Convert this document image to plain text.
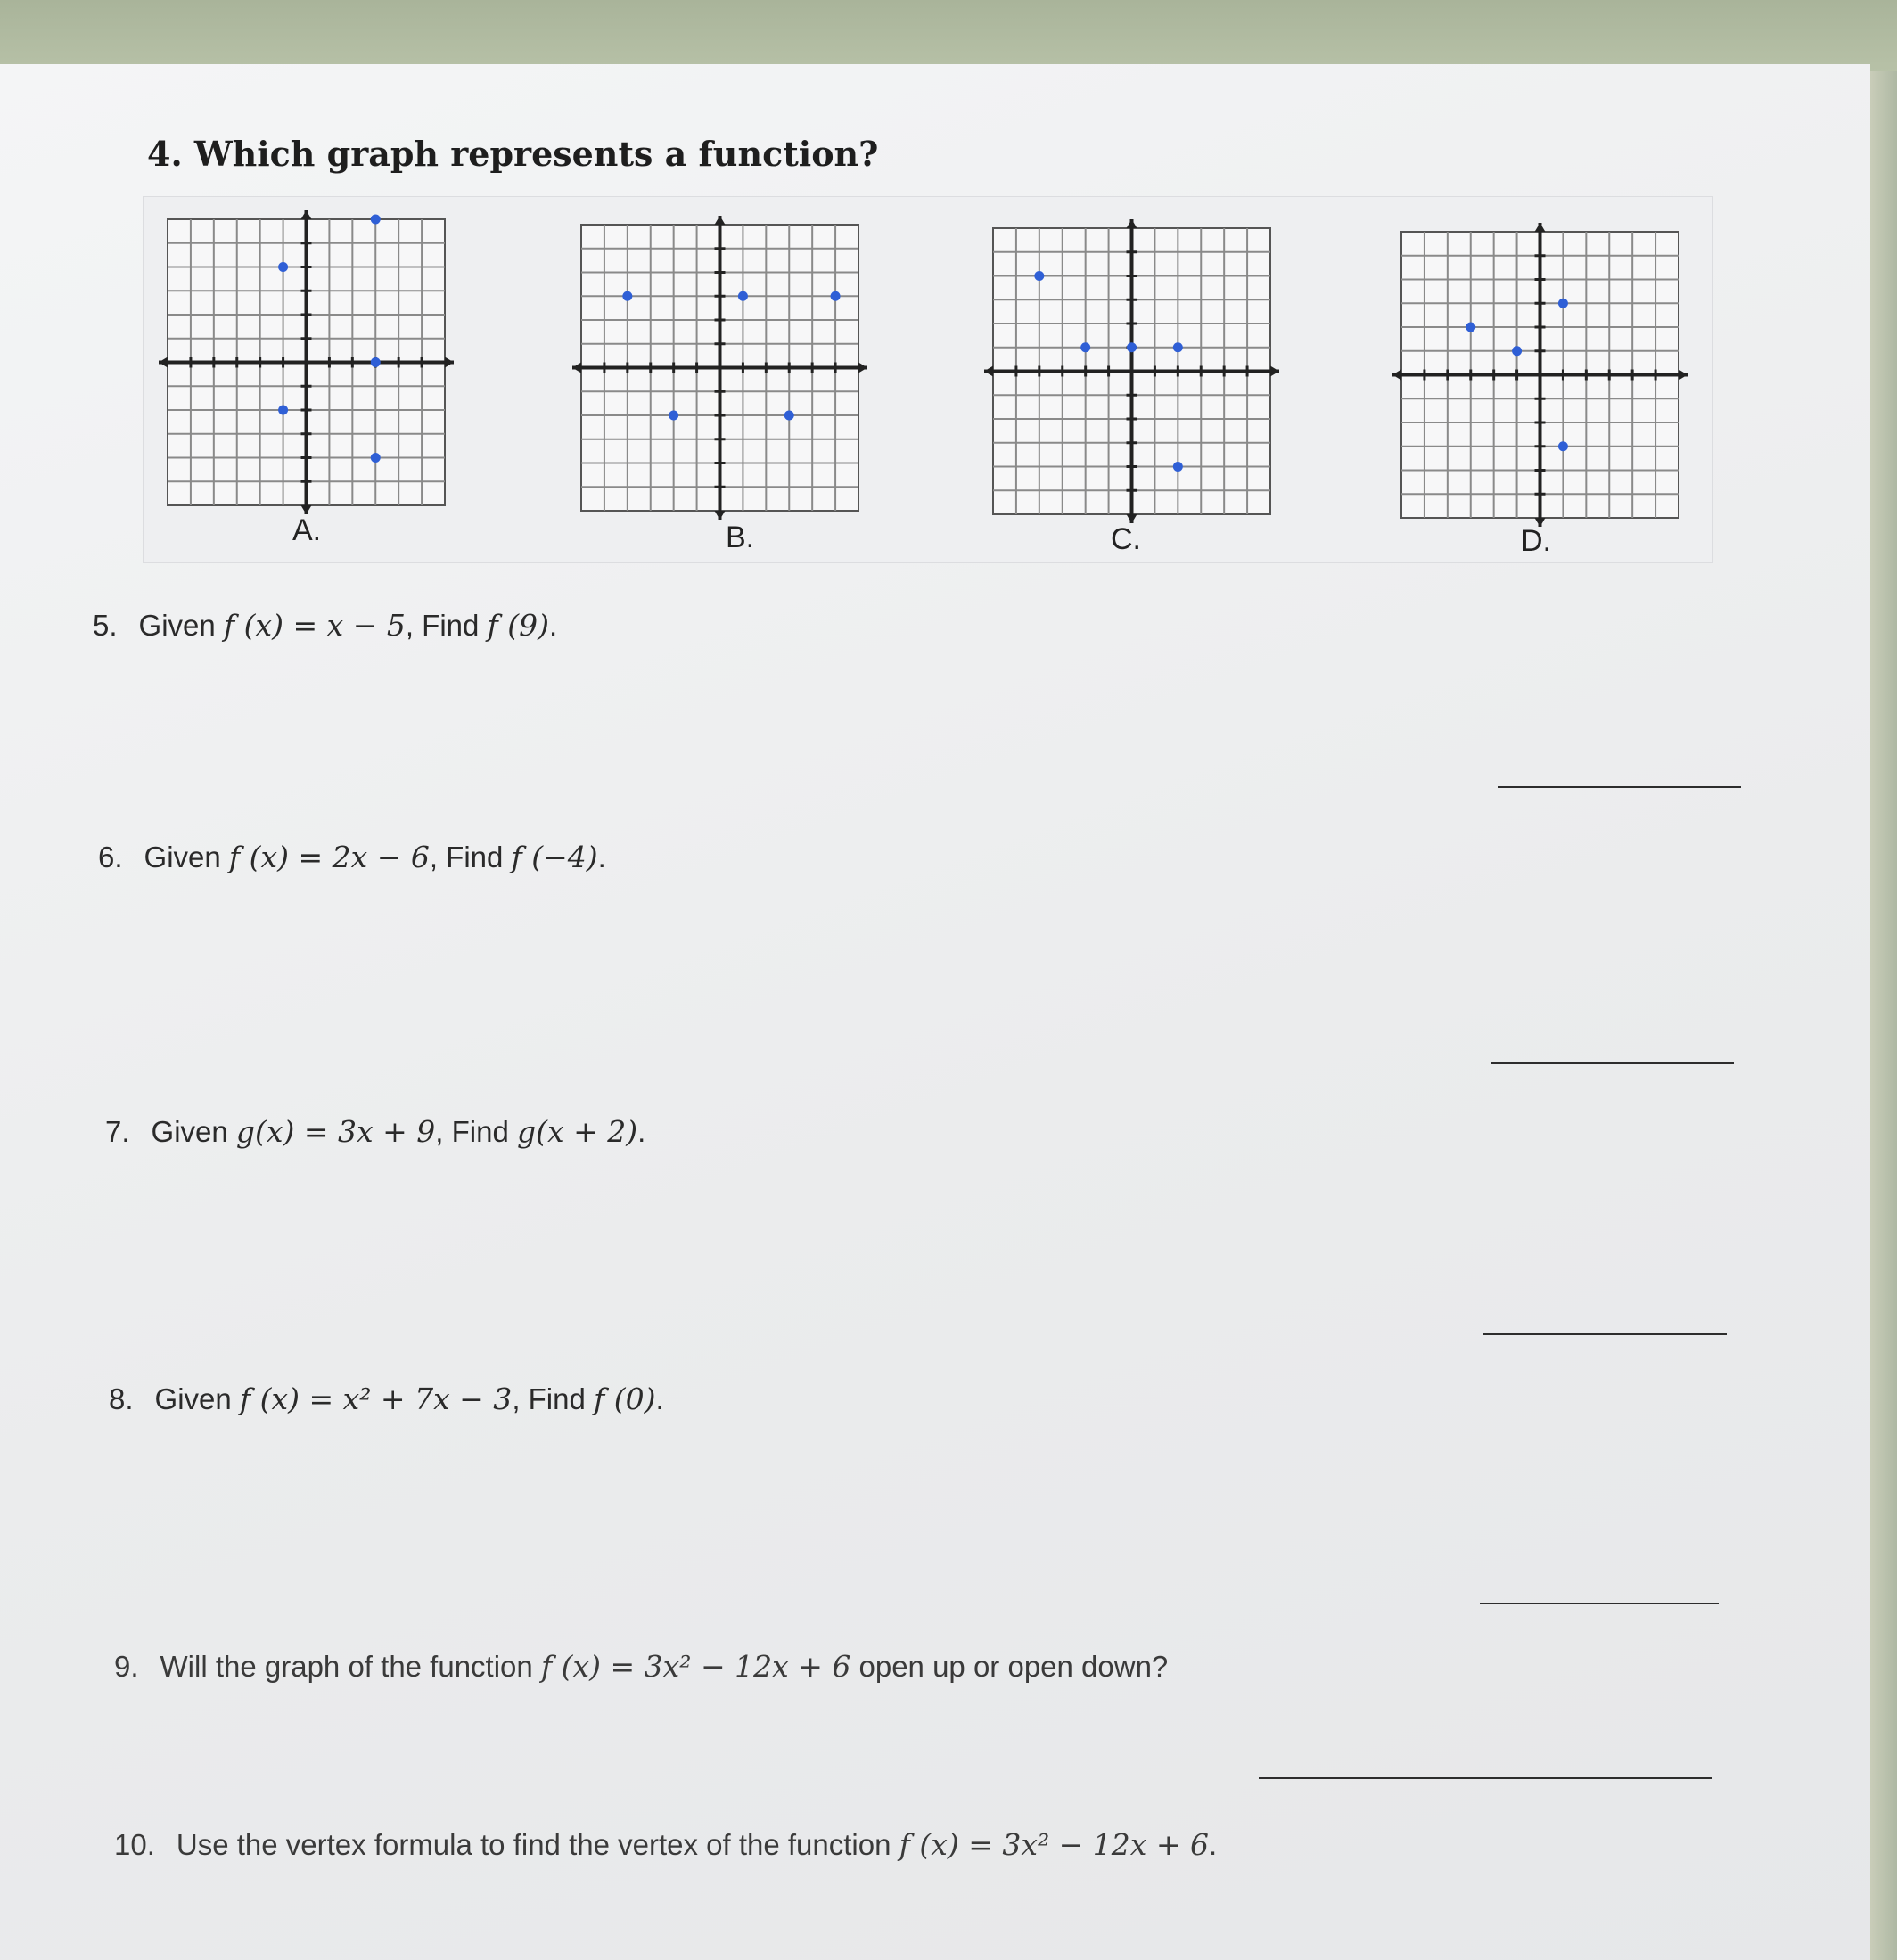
4. Which graph represents a function?
A.	B.	C.	D.
5. Given f (x) = x − 5, Find f (9).
6. Given f (x) = 2x − 6, Find f (−4).
7. Given g(x) = 3x + 9, Find g(x + 2).
8. Given f (x) = x² + 7x − 3, Find f (0).
9. Will the graph of the function f (x) = 3x² − 12x + 6 open up or open down?
10. Use the vertex formula to find the vertex of the function f (x) = 3x² − 12x + 6.
